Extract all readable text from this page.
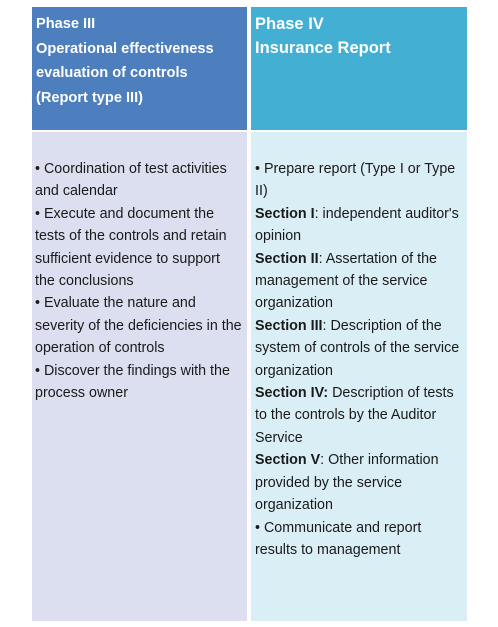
Phase III
Operational effectiveness
evaluation of controls
(Report type III)
Phase IV
Insurance Report
• Coordination of test activities and calendar
• Execute and document the tests of the controls and retain sufficient evidence to support the conclusions
• Evaluate the nature and severity of the deficiencies in the operation of controls
• Discover the findings with the process owner
• Prepare report (Type I or Type II)
Section I: independent auditor's opinion
Section II: Assertation of the management of the service organization
Section III: Description of the system of controls of the service organization
Section IV: Description of tests to the controls by the Auditor Service
Section V: Other information provided by the service organization
• Communicate and report results to management
